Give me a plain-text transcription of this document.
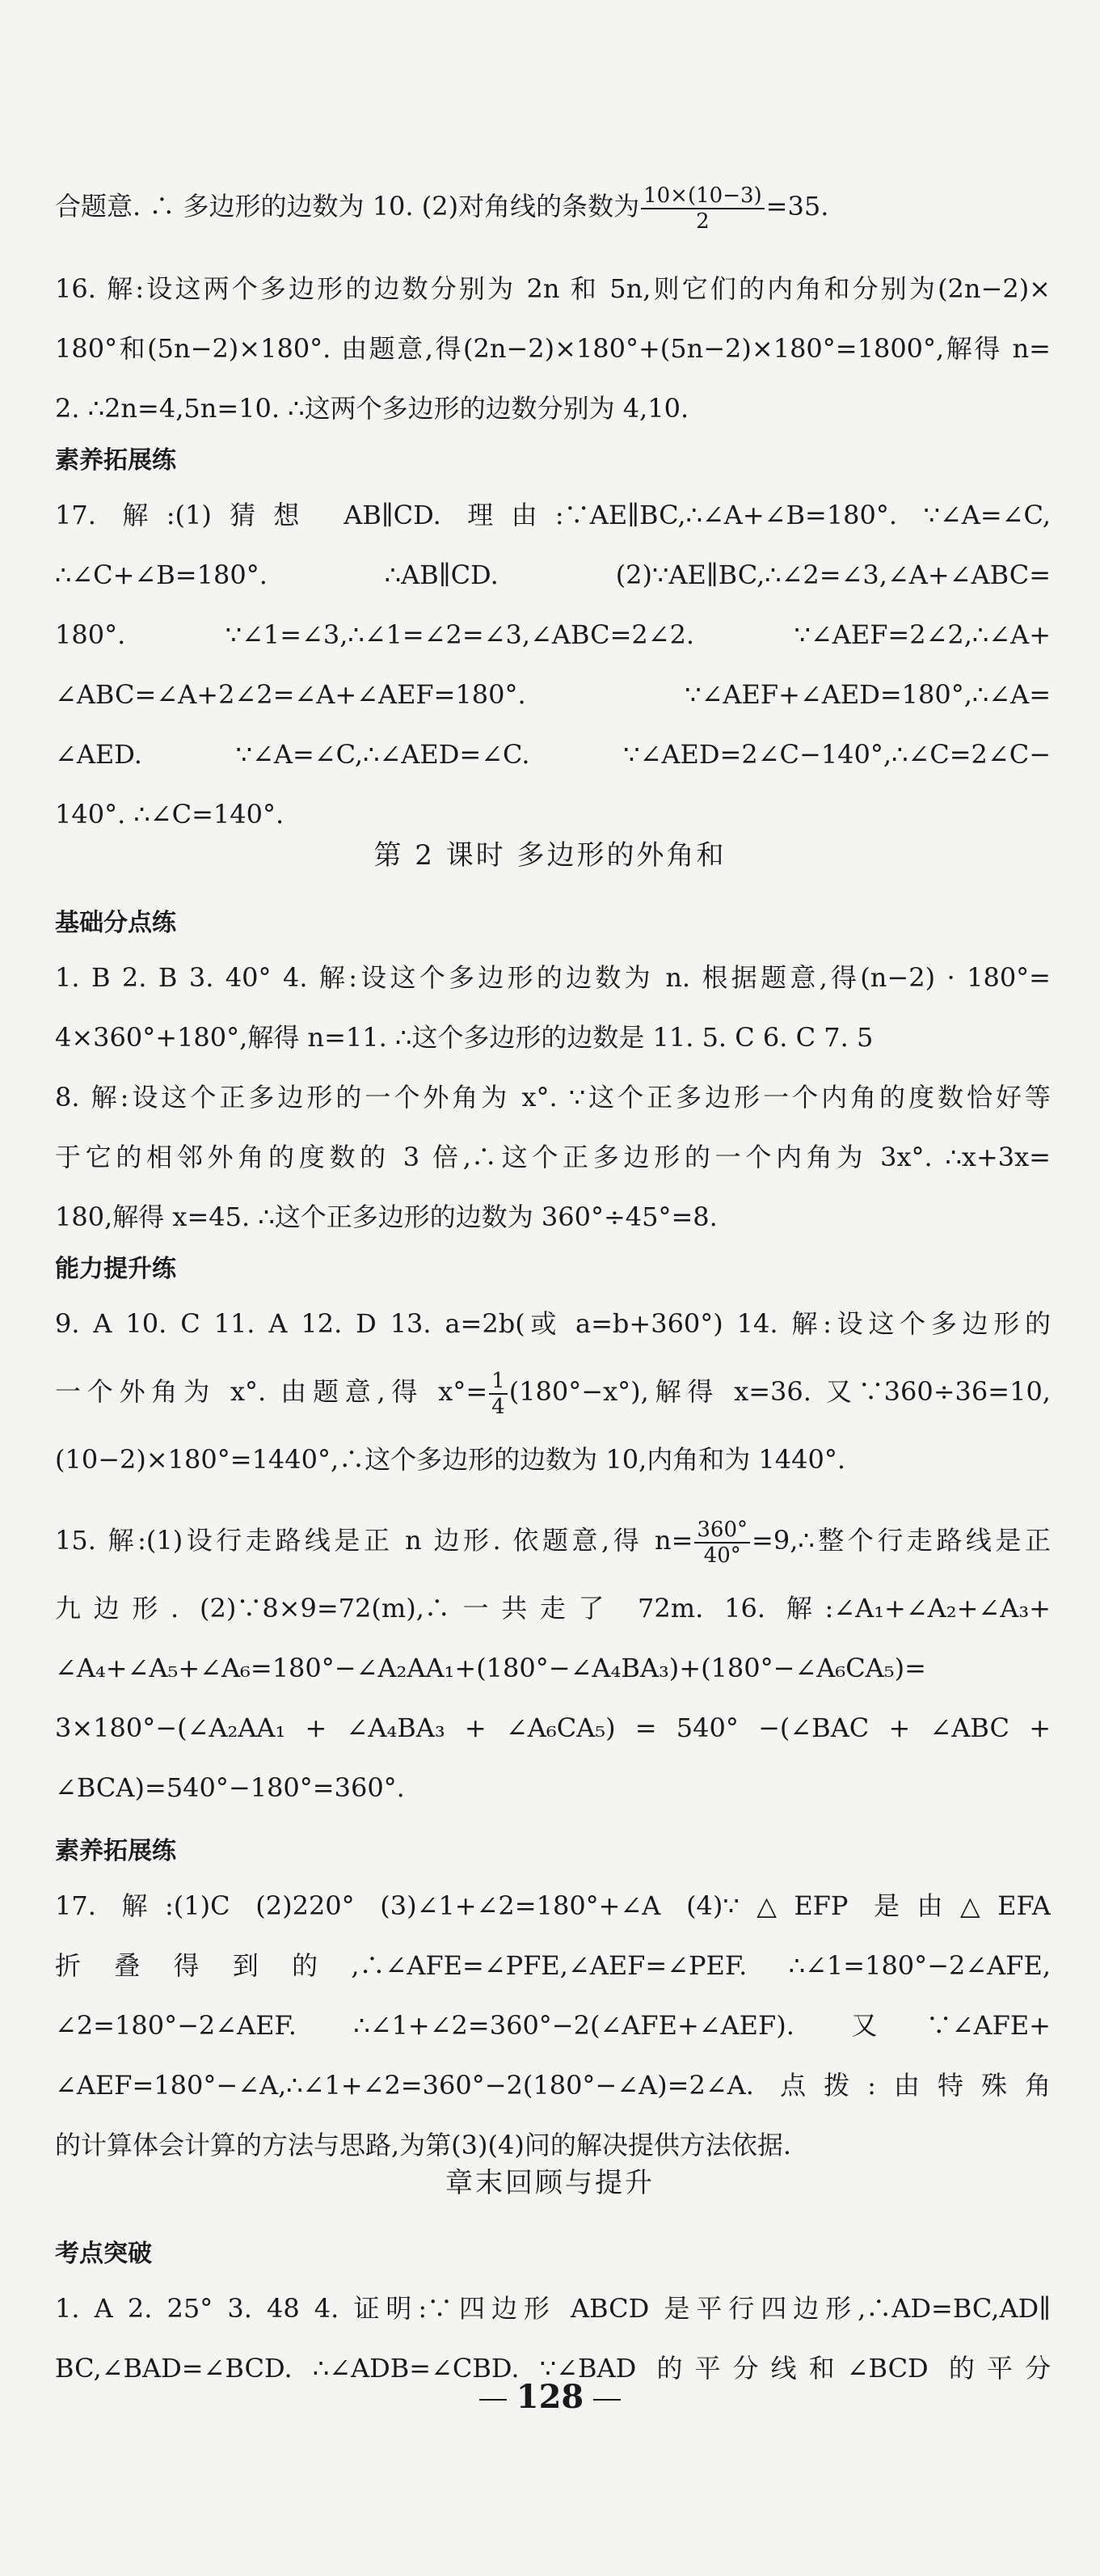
合题意. ∴ 多边形的边数为 10. (2)对角线的条数为 $\frac{10\times(10-3)}{2} =35$.
16. 解:设这两个多边形的边数分别为 2n 和 5n,则它们的内角和分别为(2n−2)×
180°和(5n−2)×180°. 由题意,得(2n−2)×180°+(5n−2)×180°=1800°,解得 n=
2. ∴2n=4,5n=10. ∴这两个多边形的边数分别为 4,10.
素养拓展练
17. 解:(1)猜想 AB∥CD. 理由:∵AE∥BC,∴∠A+∠B=180°. ∵∠A=∠C,
∴∠C+∠B=180°. ∴AB∥CD. (2)∵AE∥BC,∴∠2=∠3,∠A+∠ABC=
180°. ∵∠1=∠3,∴∠1=∠2=∠3,∠ABC=2∠2. ∵∠AEF=2∠2,∴∠A+
∠ABC=∠A+2∠2=∠A+∠AEF=180°. ∵∠AEF+∠AED=180°,∴∠A=
∠AED. ∵∠A=∠C,∴∠AED=∠C. ∵∠AED=2∠C−140°,∴∠C=2∠C−
140°. ∴∠C=140°.
第 2 课时 多边形的外角和
基础分点练
1. B 2. B 3. 40° 4. 解:设这个多边形的边数为 n. 根据题意,得(n−2) · 180°=
4×360°+180°,解得 n=11. ∴这个多边形的边数是 11. 5. C 6. C 7. 5
8. 解:设这个正多边形的一个外角为 x°. ∵这个正多边形一个内角的度数恰好等
于它的相邻外角的度数的 3 倍,∴这个正多边形的一个内角为 3x°. ∴x+3x=
180,解得 x=45. ∴这个正多边形的边数为 360°÷45°=8.
能力提升练
9. A 10. C 11. A 12. D 13. a=2b(或 a=b+360°) 14. 解:设这个多边形的
一个外角为 x°. 由题意,得 $x^\circ= \frac{1}{4} (180^\circ-x^\circ)$,解得 x=36. 又∵360÷36=10,
(10−2)×180°=1440°,∴这个多边形的边数为 10,内角和为 1440°.
15. 解:(1)设行走路线是正 n 边形. 依题意,得 $n= \frac{360^\circ}{40^\circ}$ =9,∴整个行走路线是正
九边形. (2)∵8×9=72(m),∴一共走了 72m. 16. 解:∠A₁+∠A₂+∠A₃+
∠A₄+∠A₅+∠A₆=180°−∠A₂AA₁+(180°−∠A₄BA₃)+(180°−∠A₆CA₅)=
3×180°−(∠A₂AA₁ + ∠A₄BA₃ + ∠A₆CA₅) = 540° −(∠BAC + ∠ABC +
∠BCA)=540°−180°=360°.
素养拓展练
17. 解:(1)C (2)220° (3)∠1+∠2=180°+∠A (4)∵△EFP 是由△EFA
折叠得到的,∴∠AFE=∠PFE,∠AEF=∠PEF. ∴∠1=180°−2∠AFE,
∠2=180°−2∠AEF. ∴∠1+∠2=360°−2(∠AFE+∠AEF). 又∵∠AFE+
∠AEF=180°−∠A,∴∠1+∠2=360°−2(180°−∠A)=2∠A. 点拨:由特殊角
的计算体会计算的方法与思路,为第(3)(4)问的解决提供方法依据.
章末回顾与提升
考点突破
1. A 2. 25° 3. 48 4. 证明:∵四边形 ABCD 是平行四边形,∴AD=BC,AD∥
BC,∠BAD=∠BCD. ∴∠ADB=∠CBD. ∵∠BAD 的平分线和∠BCD 的平分
128
